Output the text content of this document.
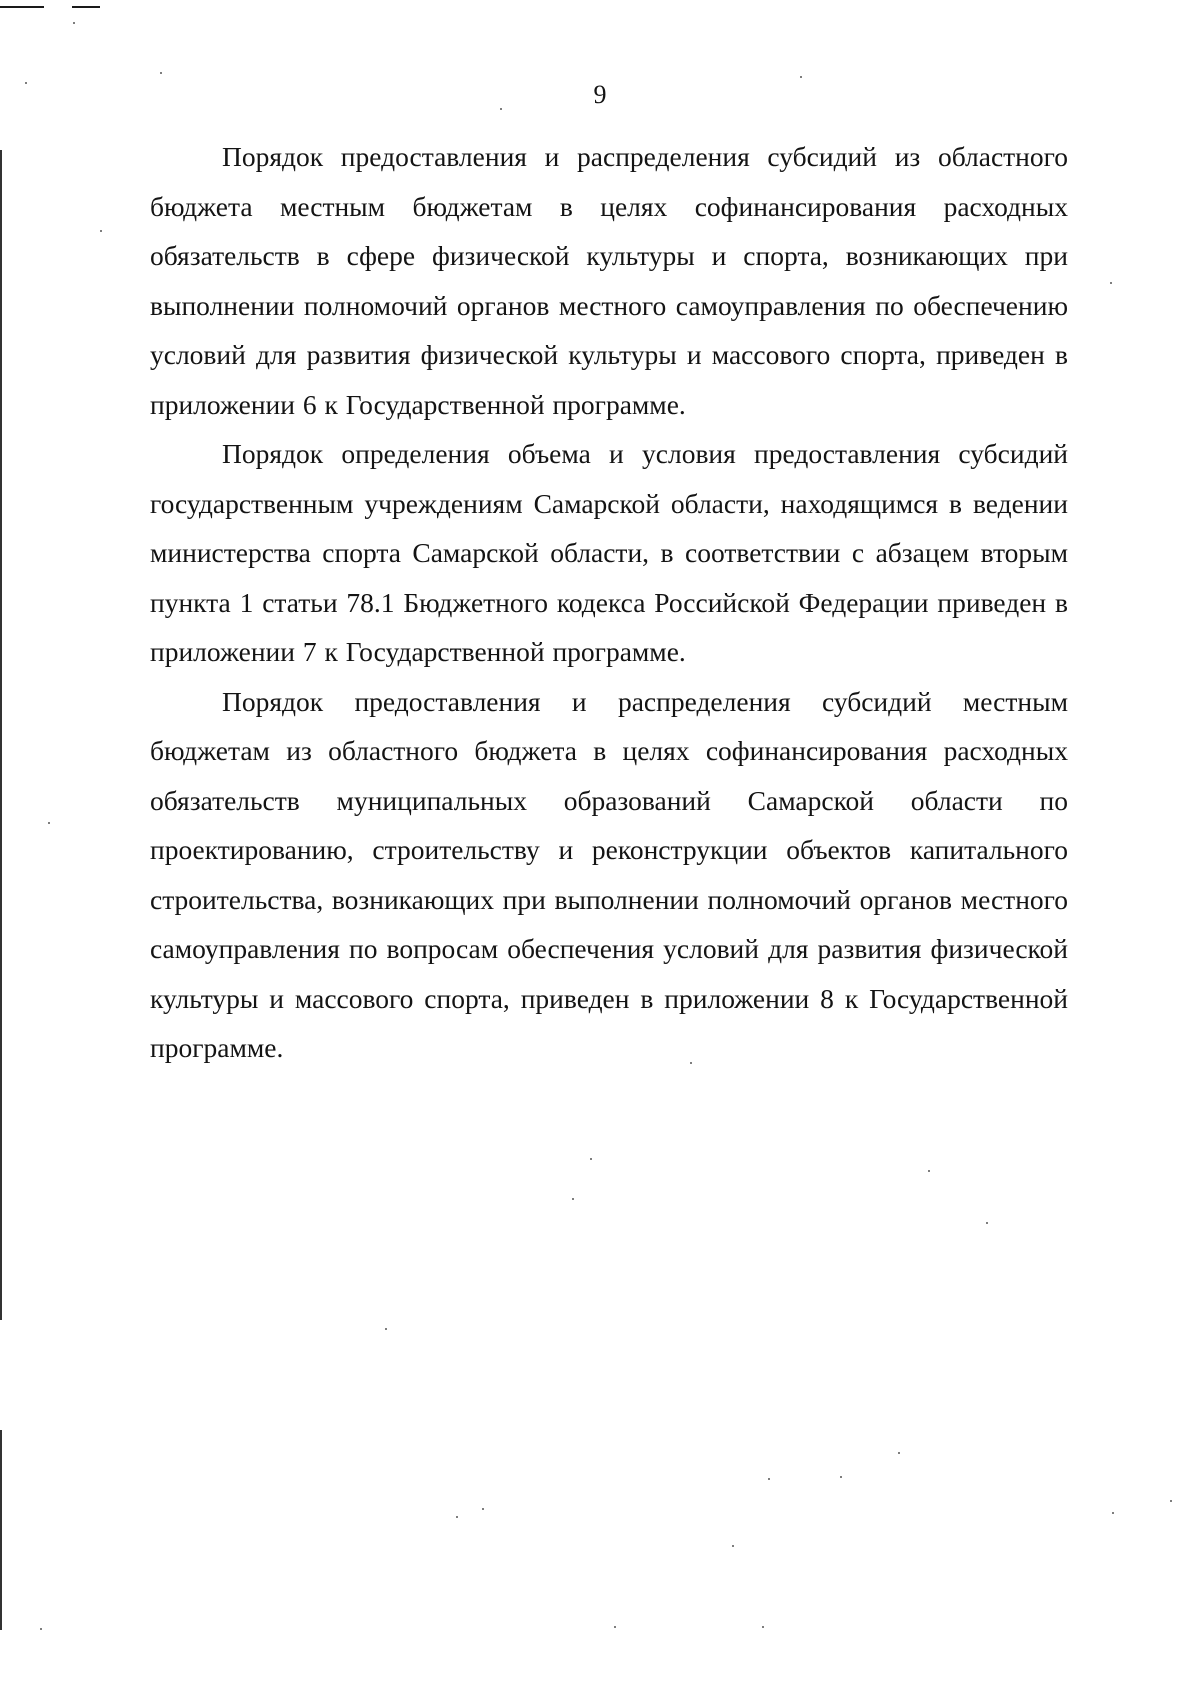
9

Порядок предоставления и распределения субсидий из областного бюджета местным бюджетам в целях софинансирования расходных обязательств в сфере физической культуры и спорта, возникающих при выполнении полномочий органов местного самоуправления по обеспечению условий для развития физической культуры и массового спорта, приведен в приложении 6 к Государственной программе.

Порядок определения объема и условия предоставления субсидий государственным учреждениям Самарской области, находящимся в ведении министерства спорта Самарской области, в соответствии с абзацем вторым пункта 1 статьи 78.1 Бюджетного кодекса Российской Федерации приведен в приложении 7 к Государственной программе.

Порядок предоставления и распределения субсидий местным бюджетам из областного бюджета в целях софинансирования расходных обязательств муниципальных образований Самарской области по проектированию, строительству и реконструкции объектов капитального строительства, возникающих при выполнении полномочий органов местного самоуправления по вопросам обеспечения условий для развития физической культуры и массового спорта, приведен в приложении 8 к Государственной программе.
